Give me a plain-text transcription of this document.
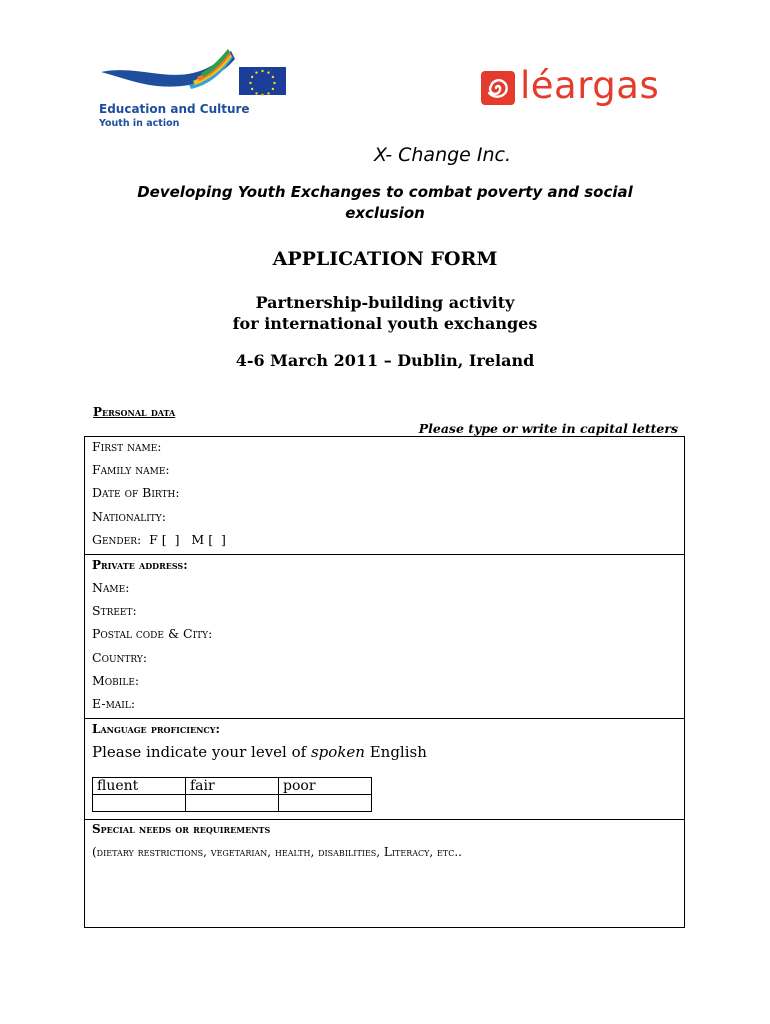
Education and Culture
Youth in action
léargas
X- Change Inc.
Developing Youth Exchanges to combat poverty and social exclusion
APPLICATION FORM
Partnership-building activity
for international youth exchanges
4-6 March 2011 – Dublin, Ireland
Personal data
Please type or write in capital letters
First name:
Family name:
Date of Birth:
Nationality:
Gender:  F [  ]   M [  ]
Private address:
Name:
Street:
Postal code & City:
Country:
Mobile:
E-mail:
Language proficiency:
Please indicate your level of spoken English
fluent	fair	poor

Special needs or requirements
(dietary restrictions, vegetarian, health, disabilities, Literacy, etc..
